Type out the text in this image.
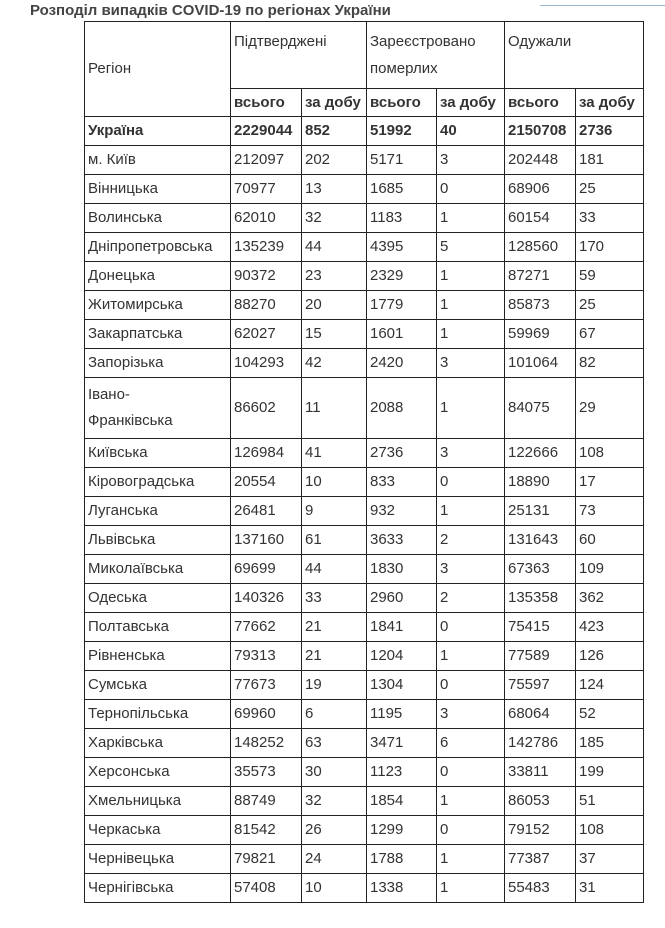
Розподіл випадків COVID-19 по регіонах України
Регіон	Підтверджені		Зареєстровано померлих		Одужали	
	всього	за добу	всього	за добу	всього	за добу
Україна	2229044	852	51992	40	2150708	2736
м. Київ	212097	202	5171	3	202448	181
Вінницька	70977	13	1685	0	68906	25
Волинська	62010	32	1183	1	60154	33
Дніпропетровська	135239	44	4395	5	128560	170
Донецька	90372	23	2329	1	87271	59
Житомирська	88270	20	1779	1	85873	25
Закарпатська	62027	15	1601	1	59969	67
Запорізька	104293	42	2420	3	101064	82
Івано-
Франківська	86602	11	2088	1	84075	29
Київська	126984	41	2736	3	122666	108
Кіровоградська	20554	10	833	0	18890	17
Луганська	26481	9	932	1	25131	73
Львівська	137160	61	3633	2	131643	60
Миколаївська	69699	44	1830	3	67363	109
Одеська	140326	33	2960	2	135358	362
Полтавська	77662	21	1841	0	75415	423
Рівненська	79313	21	1204	1	77589	126
Сумська	77673	19	1304	0	75597	124
Тернопільська	69960	6	1195	3	68064	52
Харківська	148252	63	3471	6	142786	185
Херсонська	35573	30	1123	0	33811	199
Хмельницька	88749	32	1854	1	86053	51
Черкаська	81542	26	1299	0	79152	108
Чернівецька	79821	24	1788	1	77387	37
Чернігівська	57408	10	1338	1	55483	31
